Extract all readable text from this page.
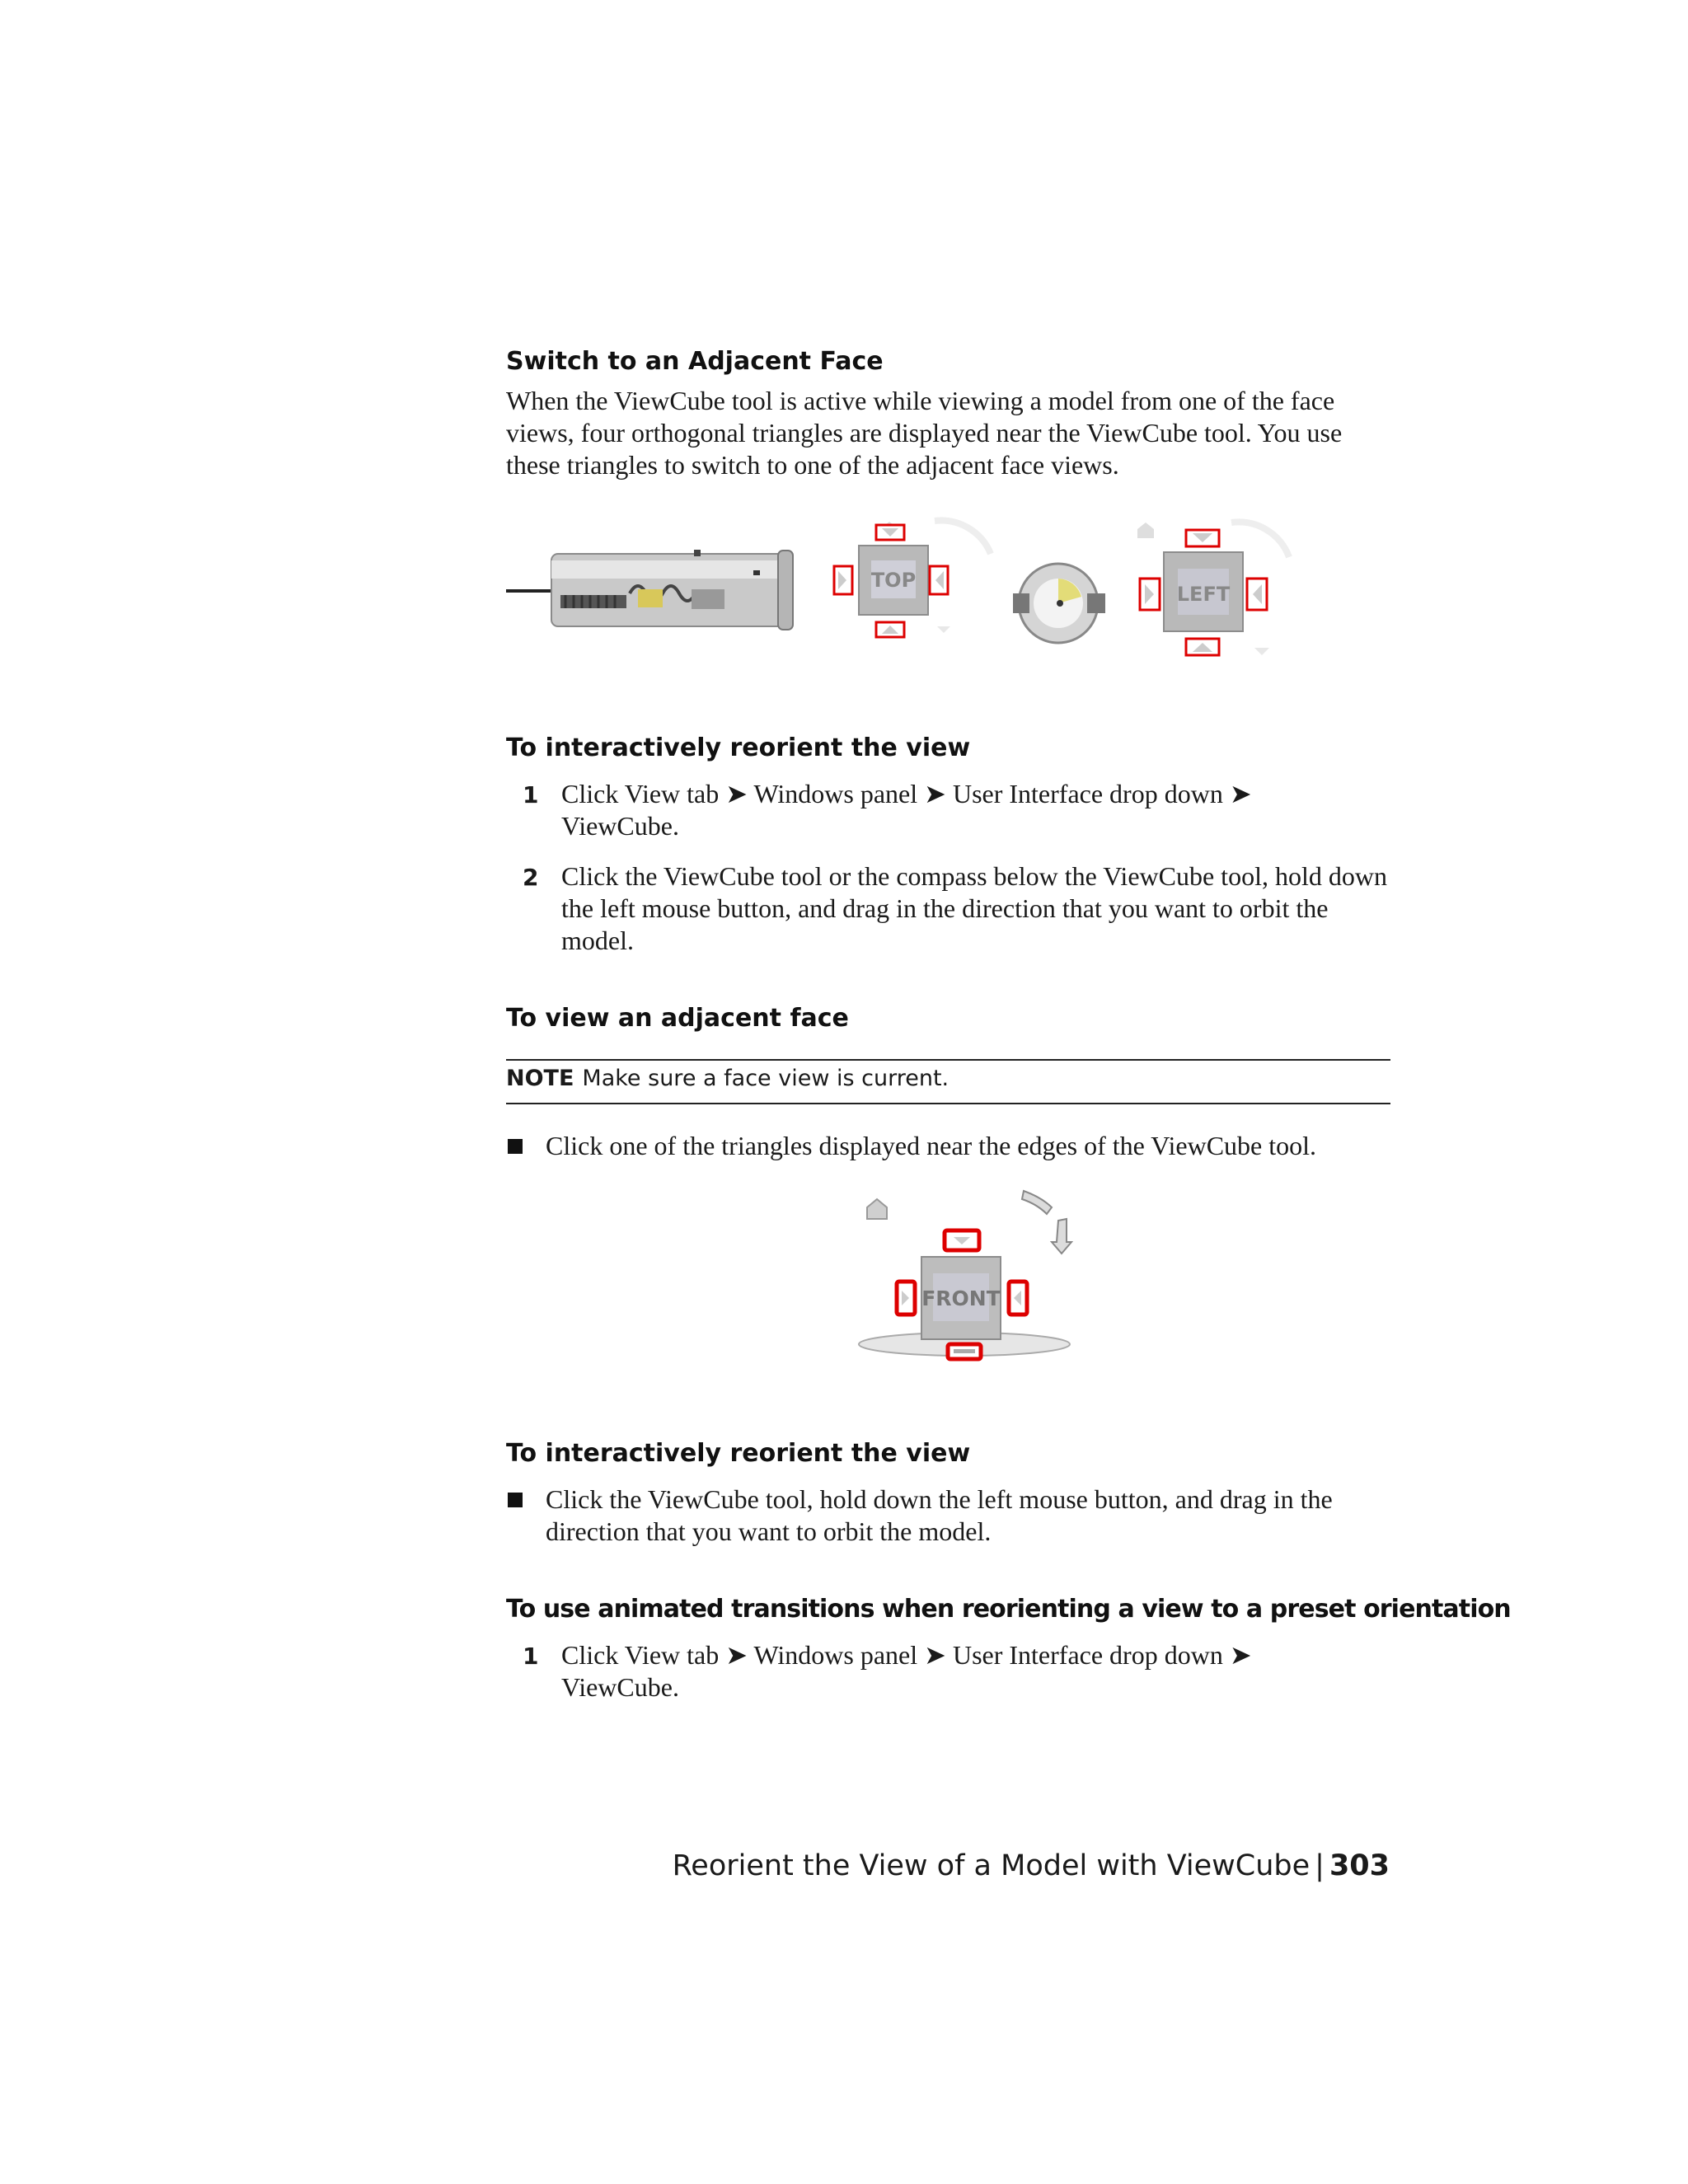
Switch to an Adjacent Face
When the ViewCube tool is active while viewing a model from one of the face views, four orthogonal triangles are displayed near the ViewCube tool. You use these triangles to switch to one of the adjacent face views.
TOP
LEFT
To interactively reorient the view
1 Click View tab ➤ Windows panel ➤ User Interface drop down ➤
ViewCube.
2 Click the ViewCube tool or the compass below the ViewCube tool, hold down the left mouse button, and drag in the direction that you want to orbit the model.
To view an adjacent face
NOTE Make sure a face view is current.
Click one of the triangles displayed near the edges of the ViewCube tool.
FRONT
To interactively reorient the view
Click the ViewCube tool, hold down the left mouse button, and drag in the direction that you want to orbit the model.
To use animated transitions when reorienting a view to a preset orientation
1 Click View tab ➤ Windows panel ➤ User Interface drop down ➤
ViewCube.
Reorient the View of a Model with ViewCube | 303
